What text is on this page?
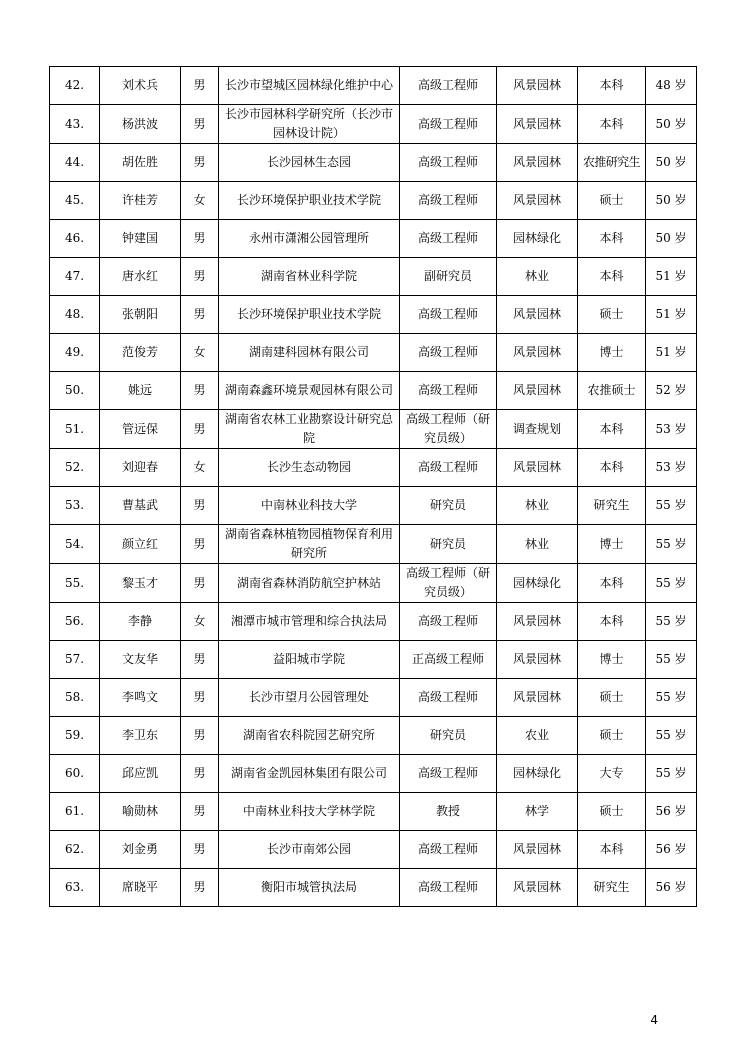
42.	刘术兵	男	长沙市望城区园林绿化维护中心	高级工程师	风景园林	本科	48 岁
43.	杨洪波	男	长沙市园林科学研究所（长沙市园林设计院）	高级工程师	风景园林	本科	50 岁
44.	胡佐胜	男	长沙园林生态园	高级工程师	风景园林	农推研究生	50 岁
45.	许桂芳	女	长沙环境保护职业技术学院	高级工程师	风景园林	硕士	50 岁
46.	钟建国	男	永州市潇湘公园管理所	高级工程师	园林绿化	本科	50 岁
47.	唐水红	男	湖南省林业科学院	副研究员	林业	本科	51 岁
48.	张朝阳	男	长沙环境保护职业技术学院	高级工程师	风景园林	硕士	51 岁
49.	范俊芳	女	湖南建科园林有限公司	高级工程师	风景园林	博士	51 岁
50.	姚远	男	湖南森鑫环境景观园林有限公司	高级工程师	风景园林	农推硕士	52 岁
51.	管远保	男	湖南省农林工业勘察设计研究总院	高级工程师（研究员级）	调查规划	本科	53 岁
52.	刘迎春	女	长沙生态动物园	高级工程师	风景园林	本科	53 岁
53.	曹基武	男	中南林业科技大学	研究员	林业	研究生	55 岁
54.	颜立红	男	湖南省森林植物园植物保育利用研究所	研究员	林业	博士	55 岁
55.	黎玉才	男	湖南省森林消防航空护林站	高级工程师（研究员级）	园林绿化	本科	55 岁
56.	李静	女	湘潭市城市管理和综合执法局	高级工程师	风景园林	本科	55 岁
57.	文友华	男	益阳城市学院	正高级工程师	风景园林	博士	55 岁
58.	李鸣文	男	长沙市望月公园管理处	高级工程师	风景园林	硕士	55 岁
59.	李卫东	男	湖南省农科院园艺研究所	研究员	农业	硕士	55 岁
60.	邱应凯	男	湖南省金凯园林集团有限公司	高级工程师	园林绿化	大专	55 岁
61.	喻勋林	男	中南林业科技大学林学院	教授	林学	硕士	56 岁
62.	刘金勇	男	长沙市南郊公园	高级工程师	风景园林	本科	56 岁
63.	席晓平	男	衡阳市城管执法局	高级工程师	风景园林	研究生	56 岁
4
